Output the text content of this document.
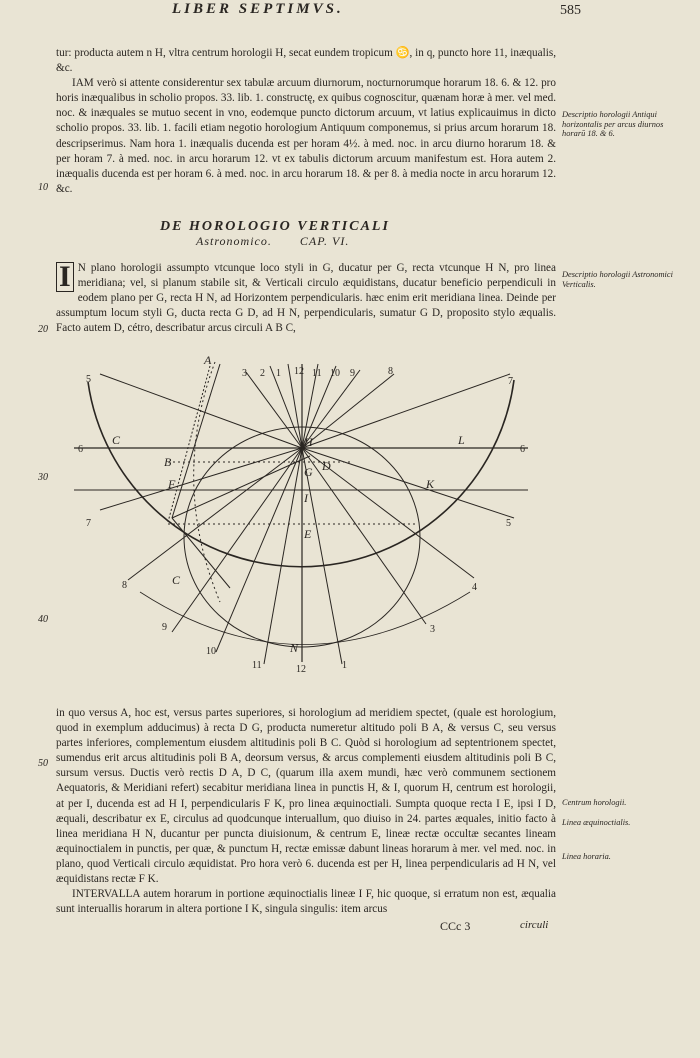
LIBER SEPTIMVS.	585

tur: producta autem n H, vltra centrum horologii H, secat eundem tropicum ♋, in q, puncto hore 11, inæqualis, &c.

IAM verò si attente considerentur sex tabulæ arcuum diurnorum, nocturnorumque horarum 18. 6. & 12. pro horis inæqualibus in scholio propos. 33. lib. 1. constructę, ex quibus cognoscitur, quænam horæ à mer. vel med. noc. & inæquales se mutuo secent in vno, eodemque puncto dictorum arcuum, vt latius explicauimus in dicto scholio propos. 33. lib. 1. facili etiam negotio horologium Antiquum componemus, si prius arcum horarum 18. descripserimus. Nam hora 1. inæqualis ducenda est per horam 4½. à med. noc. in arcu diurno horarum 18. & per horam 7. à med. noc. in arcu horarum 12. vt ex tabulis dictorum arcuum manifestum est. Hora autem 2. inæqualis ducenda est per horam 6. à med. noc. in arcu horarum 18. & per 8. à media nocte in arcu horarum 12. &c.

DE HOROLOGIO VERTICALI
Astronomico.       CAP. VI.

I N plano horologii assumpto vtcunque loco styli in G, ducatur per G, recta vtcunque H N, pro linea meridiana; vel, si planum stabile sit, & Verticali circulo æquidistans, ducatur beneficio perpendiculi in eodem plano per G, recta H N, ad Horizontem perpendicularis. hæc enim erit meridiana linea. Deinde per assumptum locum styli G, ducta recta G D, ad H N, perpendicularis, sumatur G D, proposito stylo æqualis. Facto autem D, cétro, describatur arcus circuli A B C,

A
B
C
C
D
E
F
H
I
K
L
N
G
3 2 1 12 11 10 9	8
5
6
7
8
9
10
11
7
6
5
4
3
12	1

in quo versus A, hoc est, versus partes superiores, si horologium ad meridiem spectet, (quale est horologium, quod in exemplum adducimus) à recta D G, producta numeretur altitudo poli B A, & versus C, seu versus partes inferiores, complementum eiusdem altitudinis poli B C. Quòd si horologium ad septentrionem spectet, sumendus erit arcus altitudinis poli B A, deorsum versus, & arcus complementi eiusdem altitudinis poli B C, sursum versus. Ductis verò rectis D A, D C, (quarum illa axem mundi, hæc verò communem sectionem Aequatoris, & Meridiani refert) secabitur meridiana linea in punctis H, & I, quorum H, centrum est horologii, at per I, ducenda est ad H I, perpendicularis F K, pro linea æquinoctiali. Sumpta quoque recta I E, ipsi I D, æquali, describatur ex E, circulus ad quodcunque interuallum, quo diuiso in 24. partes æquales, initio facto à linea meridiana H N, ducantur per puncta diuisionum, & centrum E, lineæ rectæ occultæ secantes lineam æquinoctialem in punctis, per quæ, & punctum H, rectæ emissæ dabunt lineas horarum à mer. vel med. noc. in plano, quod Verticali circulo æquidistat. Pro hora verò 6. ducenda est per H, linea perpendicularis ad H N, vel æquidistans rectæ F K.

INTERVALLA autem horarum in portione æquinoctialis lineæ I F, hic quoque, si erratum non est, æqualia sunt interuallis horarum in altera portione I K, singula singulis: item arcus

CCc 3	circuli
Descriptio horologii Antiqui horizontalis per arcus diurnos horarū 18. & 6.
Descriptio horologii Astronomici Verticalis.
Centrum horologii.
Linea æquinoctialis.
Linea horaria.
10
20
30
40
50
